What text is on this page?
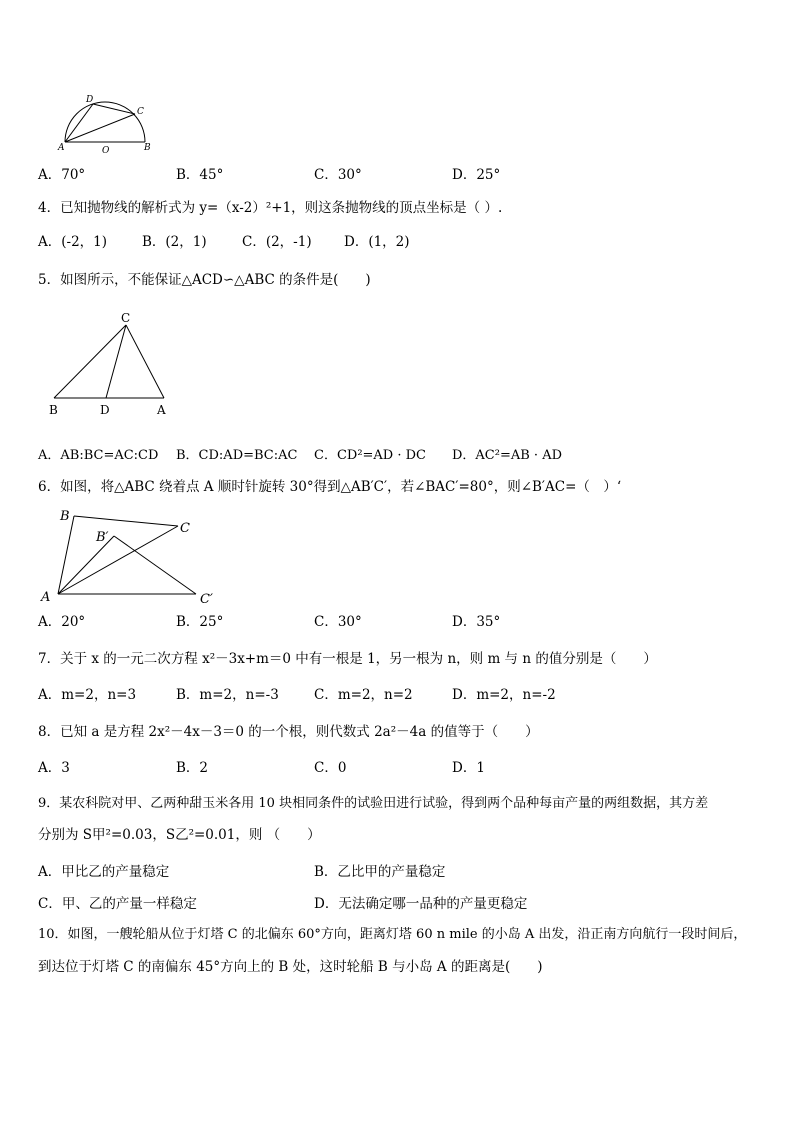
D
C
A	O	B
A．70°	B．45°	C．30°	D．25°
4．已知抛物线的解析式为 y=（x-2）²+1，则这条抛物线的顶点坐标是（ ）.
A．(-2，1)	B．(2，1)	C．(2，-1) D．(1，2)
5．如图所示，不能保证△ACD∽△ABC 的条件是(　　)
C
B	D	A
A．AB:BC=AC:CD B．CD:AD=BC:AC C．CD²=AD · DC D．AC²=AB · AD
6．如图，将△ABC 绕着点 A 顺时针旋转 30°得到△AB′C′，若∠BAC′=80°，则∠B′AC=（　）‘
B
C
B′
A	C′
A．20°	B．25°	C．30°	D．35°
7．关于 x 的一元二次方程 x²－3x+m＝0 中有一根是 1，另一根为 n，则 m 与 n 的值分别是（　　）
A．m=2，n=3	B．m=2，n=-3	C．m=2，n=2	D．m=2，n=-2
8．已知 a 是方程 2x²－4x－3＝0 的一个根，则代数式 2a²－4a 的值等于（　　）
A．3	B．2	C．0	D．1
9．某农科院对甲、乙两种甜玉米各用 10 块相同条件的试验田进行试验，得到两个品种每亩产量的两组数据，其方差
分别为 S甲²=0.03，S乙²=0.01，则 （　　）
A．甲比乙的产量稳定	B．乙比甲的产量稳定
C．甲、乙的产量一样稳定	D．无法确定哪一品种的产量更稳定
10．如图，一艘轮船从位于灯塔 C 的北偏东 60°方向，距离灯塔 60 n mile 的小岛 A 出发，沿正南方向航行一段时间后，
到达位于灯塔 C 的南偏东 45°方向上的 B 处，这时轮船 B 与小岛 A 的距离是(　　)
